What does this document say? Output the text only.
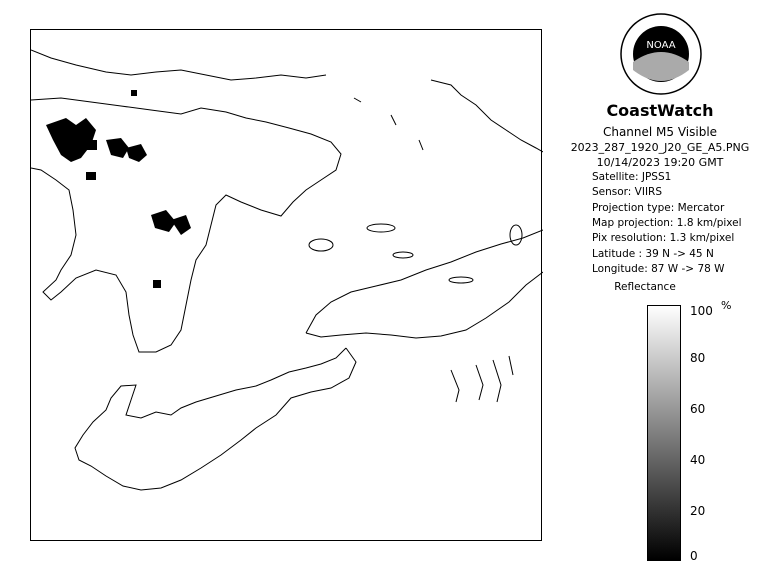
NOAA
CoastWatch
Channel M5 Visible
2023_287_1920_J20_GE_A5.PNG
10/14/2023 19:20 GMT
Satellite: JPSS1
Sensor: VIIRS
Projection type: Mercator
Map projection: 1.8 km/pixel
Pix resolution: 1.3 km/pixel
Latitude : 39 N -> 45 N
Longitude: 87 W -> 78 W
Reflectance
%
100
80
60
40
20
0
